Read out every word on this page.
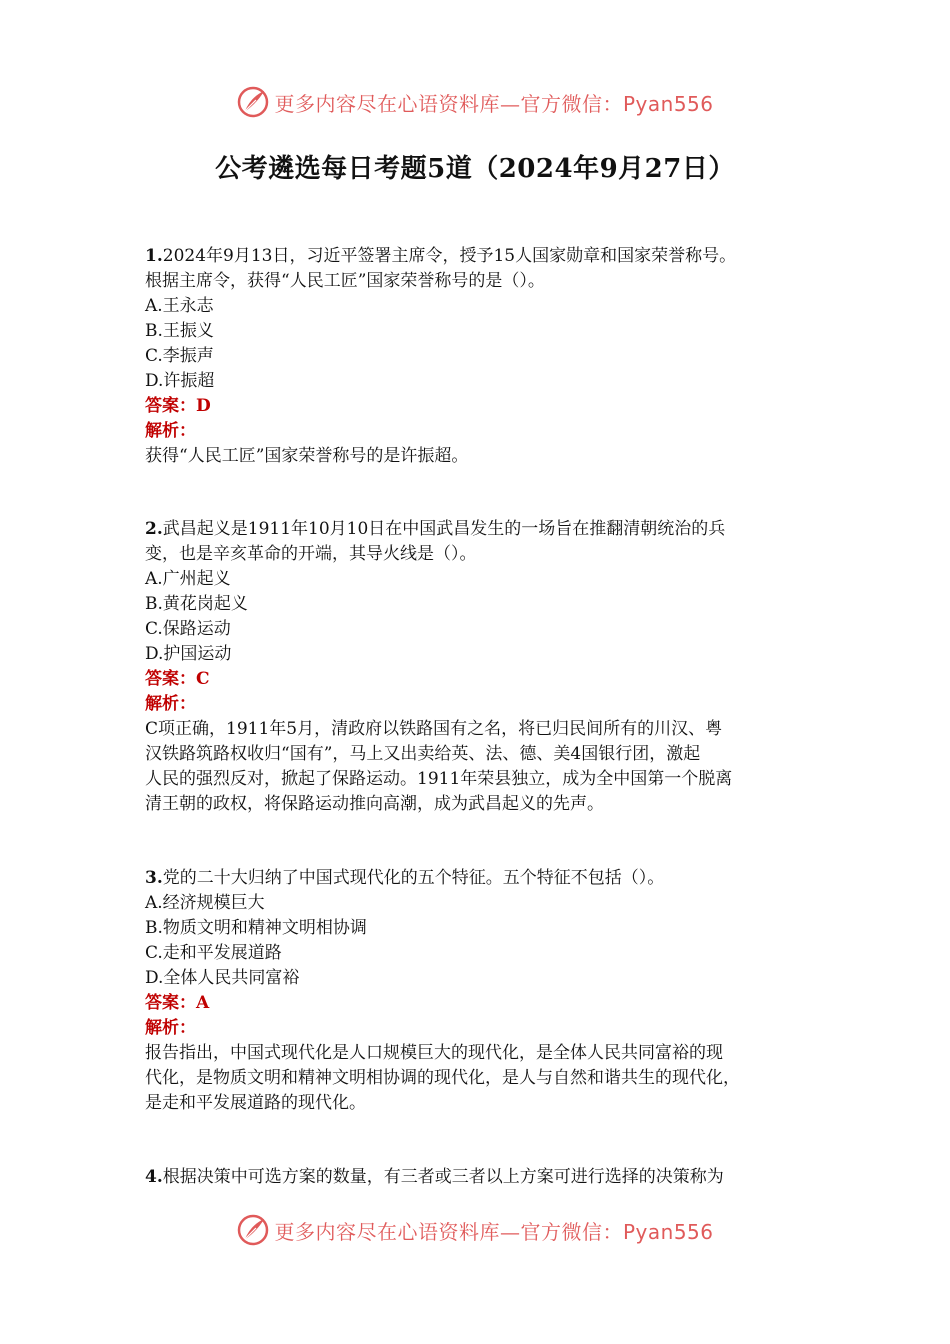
更多内容尽在心语资料库—官方微信：Pyan556
公考遴选每日考题5道（2024年9月27日）
1.2024年9月13日，习近平签署主席令，授予15人国家勋章和国家荣誉称号。
根据主席令，获得“人民工匠”国家荣誉称号的是（）。
A.王永志
B.王振义
C.李振声
D.许振超
答案：D
解析：
获得“人民工匠”国家荣誉称号的是许振超。
2.武昌起义是1911年10月10日在中国武昌发生的一场旨在推翻清朝统治的兵
变，也是辛亥革命的开端，其导火线是（）。
A.广州起义
B.黄花岗起义
C.保路运动
D.护国运动
答案：C
解析：
C项正确，1911年5月，清政府以铁路国有之名，将已归民间所有的川汉、粤
汉铁路筑路权收归“国有”，马上又出卖给英、法、德、美4国银行团，激起
人民的强烈反对，掀起了保路运动。1911年荣县独立，成为全中国第一个脱离
清王朝的政权，将保路运动推向高潮，成为武昌起义的先声。
3.党的二十大归纳了中国式现代化的五个特征。五个特征不包括（）。
A.经济规模巨大
B.物质文明和精神文明相协调
C.走和平发展道路
D.全体人民共同富裕
答案：A
解析：
报告指出，中国式现代化是人口规模巨大的现代化，是全体人民共同富裕的现
代化，是物质文明和精神文明相协调的现代化，是人与自然和谐共生的现代化，
是走和平发展道路的现代化。
4.根据决策中可选方案的数量，有三者或三者以上方案可进行选择的决策称为
更多内容尽在心语资料库—官方微信：Pyan556
